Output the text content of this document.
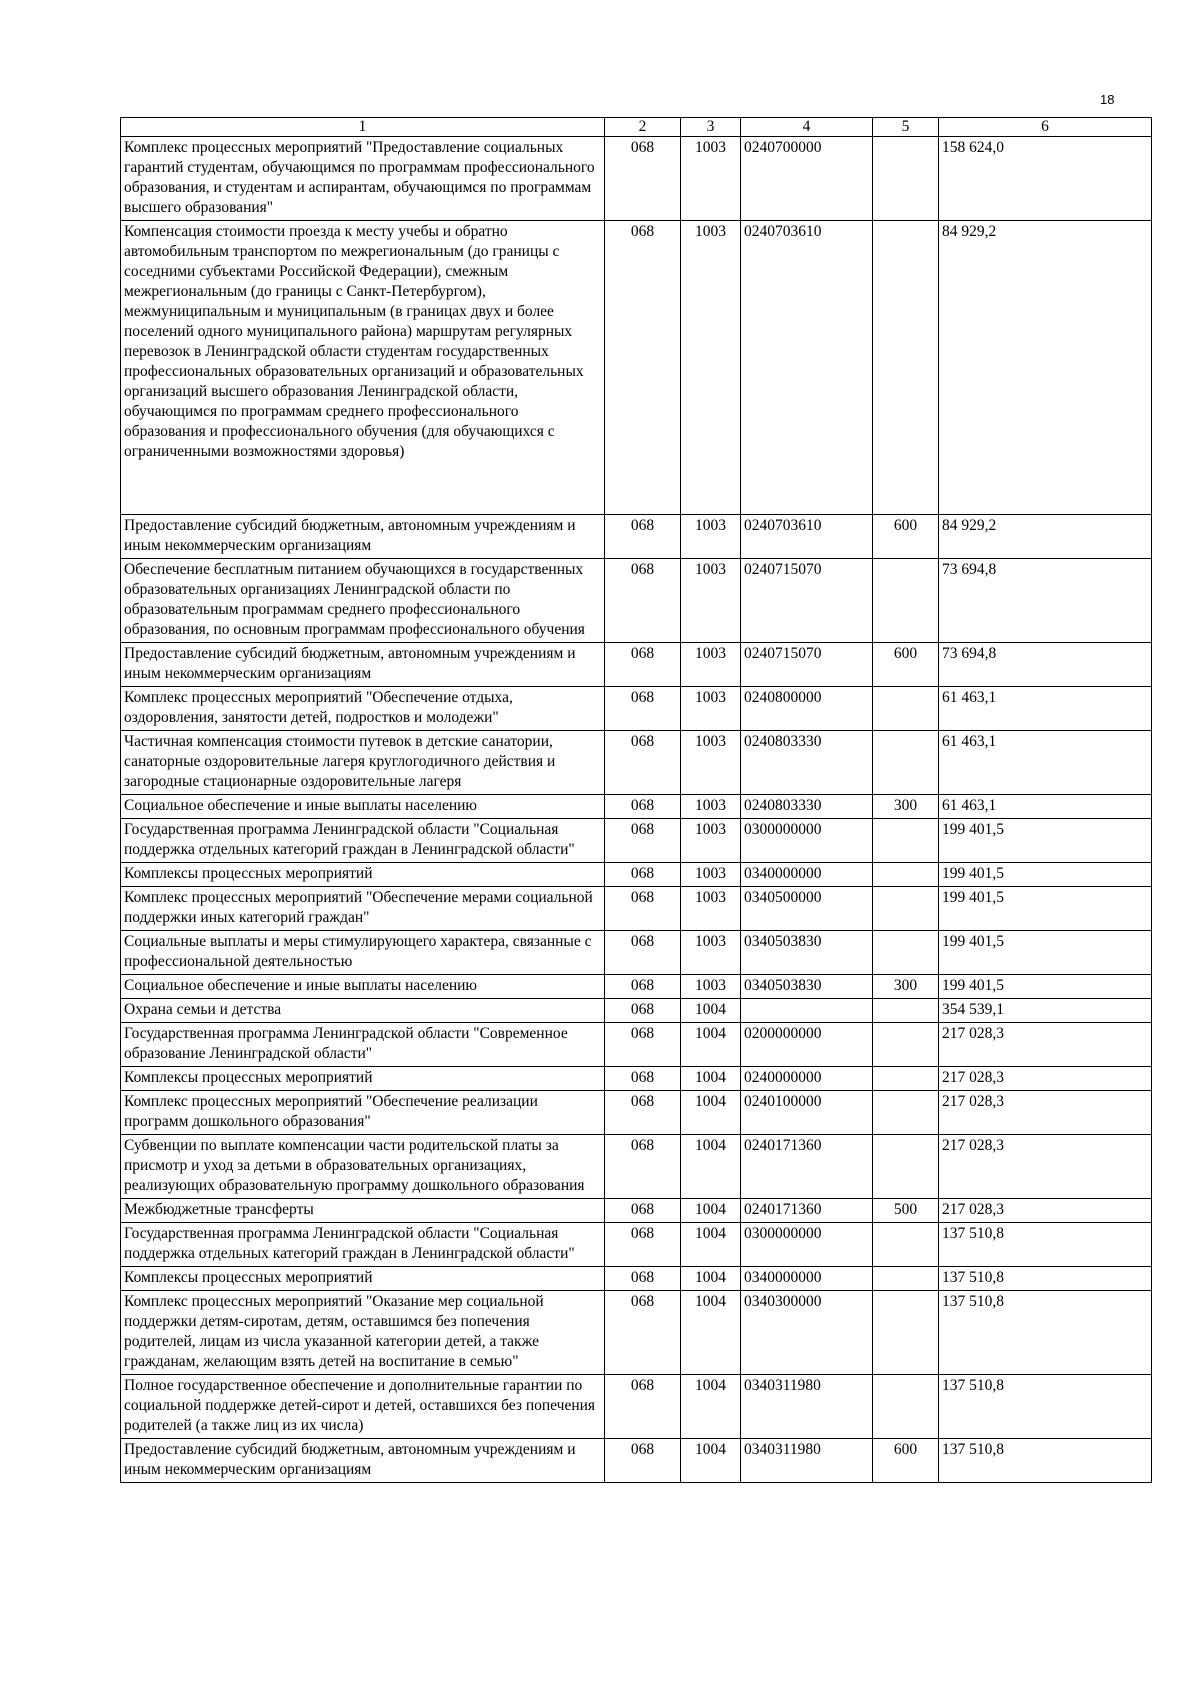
18
1	2	3	4	5	6
Комплекс процессных мероприятий "Предоставление социальных гарантий студентам, обучающимся по программам профессионального образования, и студентам и аспирантам, обучающимся по программам высшего образования"	068	1003	0240700000		158 624,0
Компенсация стоимости проезда к месту учебы и обратно автомобильным транспортом по межрегиональным (до границы с соседними субъектами Российской Федерации), смежным межрегиональным (до границы с Санкт-Петербургом), межмуниципальным и муниципальным (в границах двух и более поселений одного муниципального района) маршрутам регулярных перевозок в Ленинградской области студентам государственных профессиональных образовательных организаций и образовательных организаций высшего образования Ленинградской области, обучающимся по программам среднего профессионального образования и профессионального обучения (для обучающихся с ограниченными возможностями здоровья)	068	1003	0240703610		84 929,2
Предоставление субсидий бюджетным, автономным учреждениям и иным некоммерческим организациям	068	1003	0240703610	600	84 929,2
Обеспечение бесплатным питанием обучающихся в государственных образовательных организациях Ленинградской области по образовательным программам среднего профессионального образования, по основным программам профессионального обучения	068	1003	0240715070		73 694,8
Предоставление субсидий бюджетным, автономным учреждениям и иным некоммерческим организациям	068	1003	0240715070	600	73 694,8
Комплекс процессных мероприятий "Обеспечение отдыха, оздоровления, занятости детей, подростков и молодежи"	068	1003	0240800000		61 463,1
Частичная компенсация стоимости путевок в детские санатории, санаторные оздоровительные лагеря круглогодичного действия и загородные стационарные оздоровительные лагеря	068	1003	0240803330		61 463,1
Социальное обеспечение и иные выплаты населению	068	1003	0240803330	300	61 463,1
Государственная программа Ленинградской области "Социальная поддержка отдельных категорий граждан в Ленинградской области"	068	1003	0300000000		199 401,5
Комплексы процессных мероприятий	068	1003	0340000000		199 401,5
Комплекс процессных мероприятий "Обеспечение мерами социальной поддержки иных категорий граждан"	068	1003	0340500000		199 401,5
Социальные выплаты и меры стимулирующего характера, связанные с профессиональной деятельностью	068	1003	0340503830		199 401,5
Социальное обеспечение и иные выплаты населению	068	1003	0340503830	300	199 401,5
Охрана семьи и детства	068	1004			354 539,1
Государственная программа Ленинградской области "Современное образование Ленинградской области"	068	1004	0200000000		217 028,3
Комплексы процессных мероприятий	068	1004	0240000000		217 028,3
Комплекс процессных мероприятий "Обеспечение реализации программ дошкольного образования"	068	1004	0240100000		217 028,3
Субвенции по выплате компенсации части родительской платы за присмотр и уход за детьми в образовательных организациях, реализующих образовательную программу дошкольного образования	068	1004	0240171360		217 028,3
Межбюджетные трансферты	068	1004	0240171360	500	217 028,3
Государственная программа Ленинградской области "Социальная поддержка отдельных категорий граждан в Ленинградской области"	068	1004	0300000000		137 510,8
Комплексы процессных мероприятий	068	1004	0340000000		137 510,8
Комплекс процессных мероприятий "Оказание мер социальной поддержки детям-сиротам, детям, оставшимся без попечения родителей, лицам из числа указанной категории детей, а также гражданам, желающим взять детей на воспитание в семью"	068	1004	0340300000		137 510,8
Полное государственное обеспечение и дополнительные гарантии по социальной поддержке детей-сирот и детей, оставшихся без попечения родителей (а также лиц из их числа)	068	1004	0340311980		137 510,8
Предоставление субсидий бюджетным, автономным учреждениям и иным некоммерческим организациям	068	1004	0340311980	600	137 510,8
